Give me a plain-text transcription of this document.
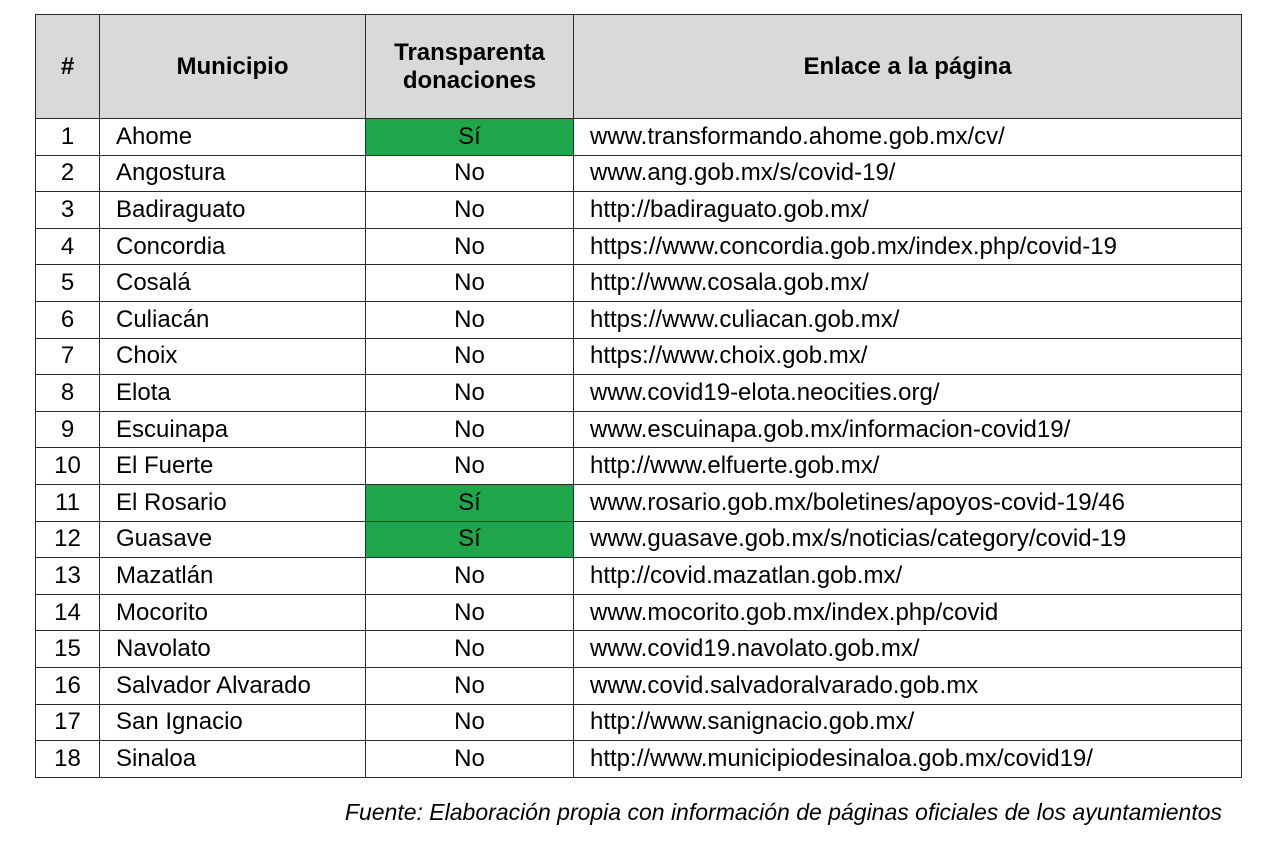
#	Municipio	Transparenta donaciones	Enlace a la página
1	Ahome	Sí	www.transformando.ahome.gob.mx/cv/
2	Angostura	No	www.ang.gob.mx/s/covid-19/
3	Badiraguato	No	http://badiraguato.gob.mx/
4	Concordia	No	https://www.concordia.gob.mx/index.php/covid-19
5	Cosalá	No	http://www.cosala.gob.mx/
6	Culiacán	No	https://www.culiacan.gob.mx/
7	Choix	No	https://www.choix.gob.mx/
8	Elota	No	www.covid19-elota.neocities.org/
9	Escuinapa	No	www.escuinapa.gob.mx/informacion-covid19/
10	El Fuerte	No	http://www.elfuerte.gob.mx/
11	El Rosario	Sí	www.rosario.gob.mx/boletines/apoyos-covid-19/46
12	Guasave	Sí	www.guasave.gob.mx/s/noticias/category/covid-19
13	Mazatlán	No	http://covid.mazatlan.gob.mx/
14	Mocorito	No	www.mocorito.gob.mx/index.php/covid
15	Navolato	No	www.covid19.navolato.gob.mx/
16	Salvador Alvarado	No	www.covid.salvadoralvarado.gob.mx
17	San Ignacio	No	http://www.sanignacio.gob.mx/
18	Sinaloa	No	http://www.municipiodesinaloa.gob.mx/covid19/
Fuente: Elaboración propia con información de páginas oficiales de los ayuntamientos
